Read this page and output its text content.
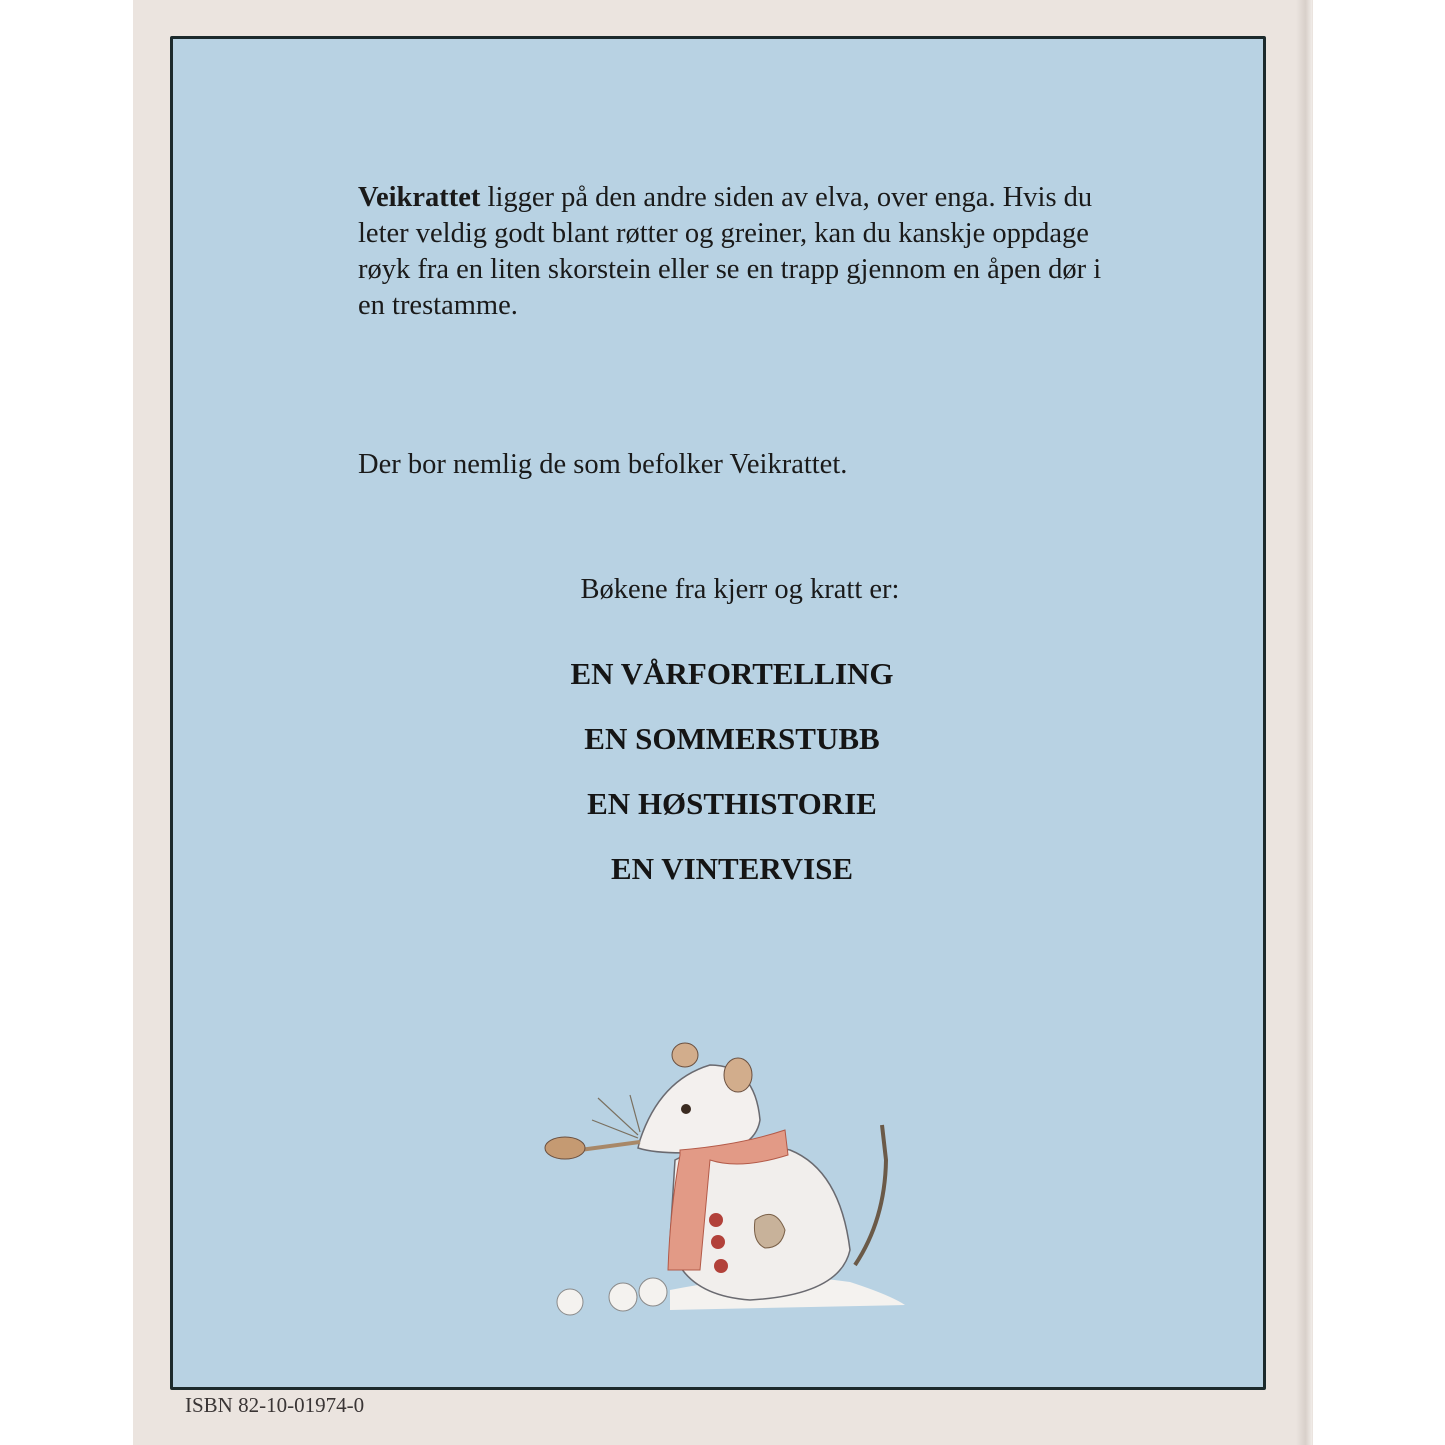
Veikrattet ligger på den andre siden av elva, over enga. Hvis du leter veldig godt blant røtter og greiner, kan du kanskje oppdage røyk fra en liten skorstein eller se en trapp gjennom en åpen dør i en trestamme.

Der bor nemlig de som befolker Veikrattet.

Bøkene fra kjerr og kratt er:
EN VÅRFORTELLING
EN SOMMERSTUBB
EN HØSTHISTORIE
EN VINTERVISE
ISBN 82-10-01974-0
